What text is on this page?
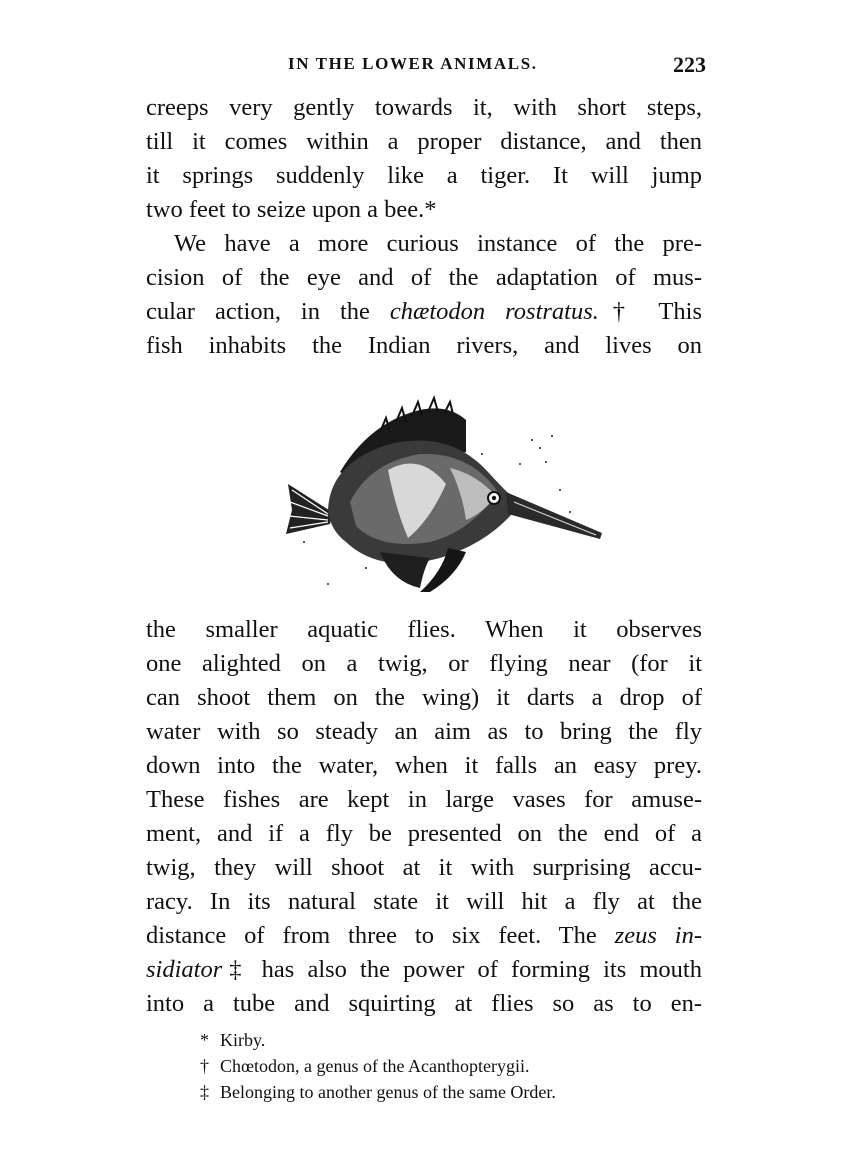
IN THE LOWER ANIMALS.	223
creeps very gently towards it, with short steps,
till it comes within a proper distance, and then
it springs suddenly like a tiger. It will jump
two feet to seize upon a bee.*
We have a more curious instance of the pre-
cision of the eye and of the adaptation of mus-
cular action, in the chætodon rostratus.† This
fish inhabits the Indian rivers, and lives on
the smaller aquatic flies. When it observes
one alighted on a twig, or flying near (for it
can shoot them on the wing) it darts a drop of
water with so steady an aim as to bring the fly
down into the water, when it falls an easy prey.
These fishes are kept in large vases for amuse-
ment, and if a fly be presented on the end of a
twig, they will shoot at it with surprising accu-
racy. In its natural state it will hit a fly at the
distance of from three to six feet. The zeus in-
sidiator‡ has also the power of forming its mouth
into a tube and squirting at flies so as to en-
* Kirby.
† Chœtodon, a genus of the Acanthopterygii.
‡ Belonging to another genus of the same Order.
